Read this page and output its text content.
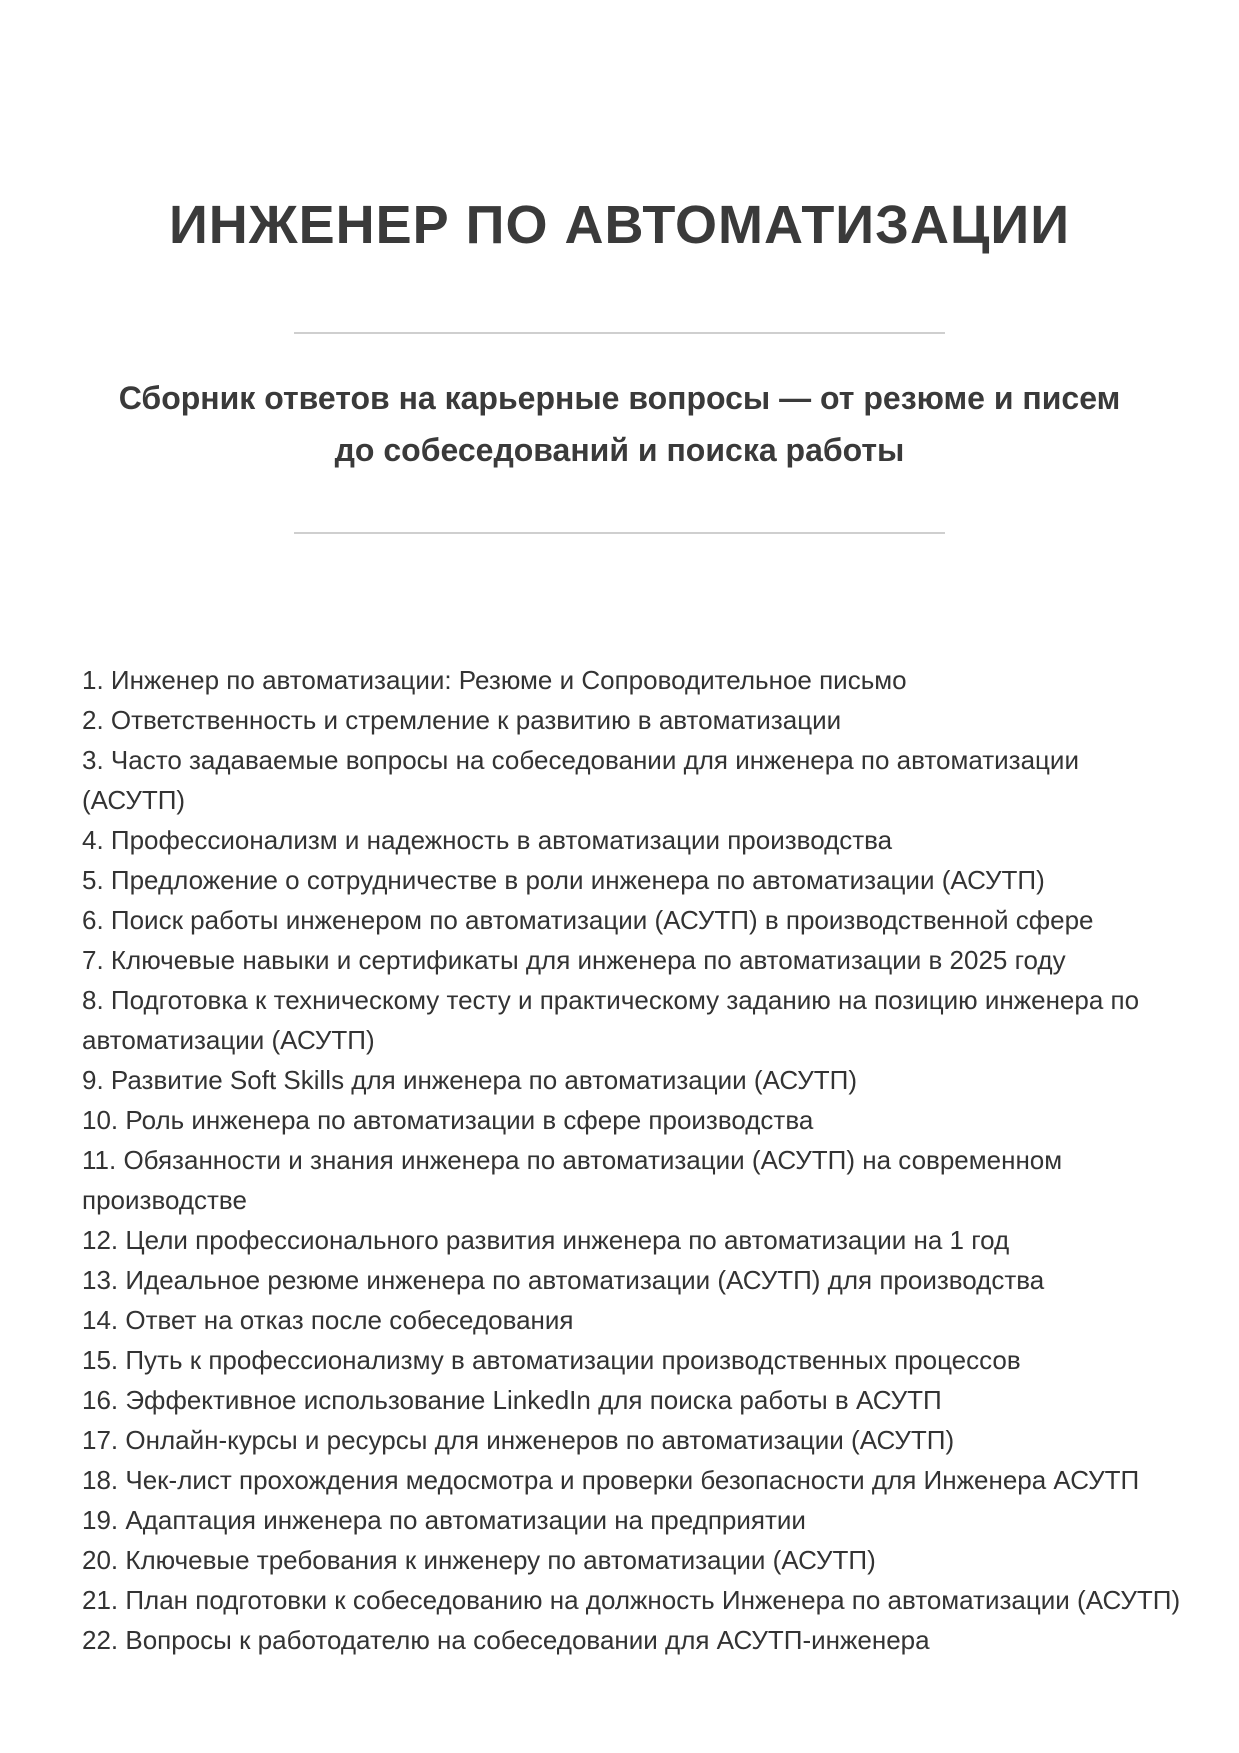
ИНЖЕНЕР ПО АВТОМАТИЗАЦИИ
Сборник ответов на карьерные вопросы — от резюме и писем до собеседований и поиска работы
1. Инженер по автоматизации: Резюме и Сопроводительное письмо
2. Ответственность и стремление к развитию в автоматизации
3. Часто задаваемые вопросы на собеседовании для инженера по автоматизации (АСУТП)
4. Профессионализм и надежность в автоматизации производства
5. Предложение о сотрудничестве в роли инженера по автоматизации (АСУТП)
6. Поиск работы инженером по автоматизации (АСУТП) в производственной сфере
7. Ключевые навыки и сертификаты для инженера по автоматизации в 2025 году
8. Подготовка к техническому тесту и практическому заданию на позицию инженера по автоматизации (АСУТП)
9. Развитие Soft Skills для инженера по автоматизации (АСУТП)
10. Роль инженера по автоматизации в сфере производства
11. Обязанности и знания инженера по автоматизации (АСУТП) на современном производстве
12. Цели профессионального развития инженера по автоматизации на 1 год
13. Идеальное резюме инженера по автоматизации (АСУТП) для производства
14. Ответ на отказ после собеседования
15. Путь к профессионализму в автоматизации производственных процессов
16. Эффективное использование LinkedIn для поиска работы в АСУТП
17. Онлайн-курсы и ресурсы для инженеров по автоматизации (АСУТП)
18. Чек-лист прохождения медосмотра и проверки безопасности для Инженера АСУТП
19. Адаптация инженера по автоматизации на предприятии
20. Ключевые требования к инженеру по автоматизации (АСУТП)
21. План подготовки к собеседованию на должность Инженера по автоматизации (АСУТП)
22. Вопросы к работодателю на собеседовании для АСУТП-инженера
